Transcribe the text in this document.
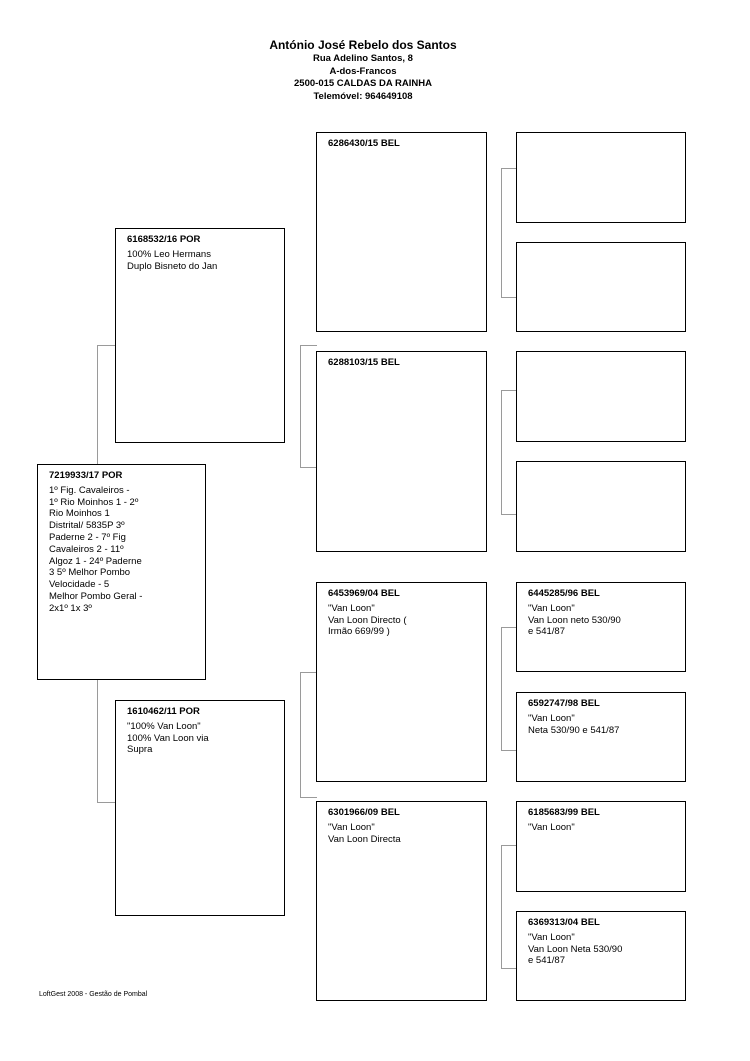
António José Rebelo dos Santos
Rua Adelino Santos, 8
A-dos-Francos
2500-015 CALDAS DA RAINHA
Telemóvel: 964649108
7219933/17 POR
1º Fig. Cavaleiros -
1º Rio Moinhos 1 - 2º
Rio Moinhos 1
Distrital/ 5835P 3º
Paderne 2 - 7º Fig
Cavaleiros 2 - 11º
Algoz 1 - 24º Paderne
3 5º Melhor Pombo
Velocidade - 5
Melhor Pombo Geral -
2x1º 1x 3º
6168532/16 POR
100% Leo Hermans
Duplo Bisneto do Jan
1610462/11 POR
"100% Van Loon"
100% Van Loon via
Supra
6286430/15 BEL
6288103/15 BEL
6453969/04 BEL
"Van Loon"
Van Loon Directo (
Irmão 669/99 )
6301966/09 BEL
"Van Loon"
Van Loon Directa
6445285/96 BEL
"Van Loon"
Van Loon neto 530/90
e 541/87
6592747/98 BEL
"Van Loon"
Neta 530/90 e 541/87
6185683/99 BEL
"Van Loon"
6369313/04 BEL
"Van Loon"
Van Loon Neta 530/90
e 541/87
LoftGest 2008 - Gestão de Pombal
